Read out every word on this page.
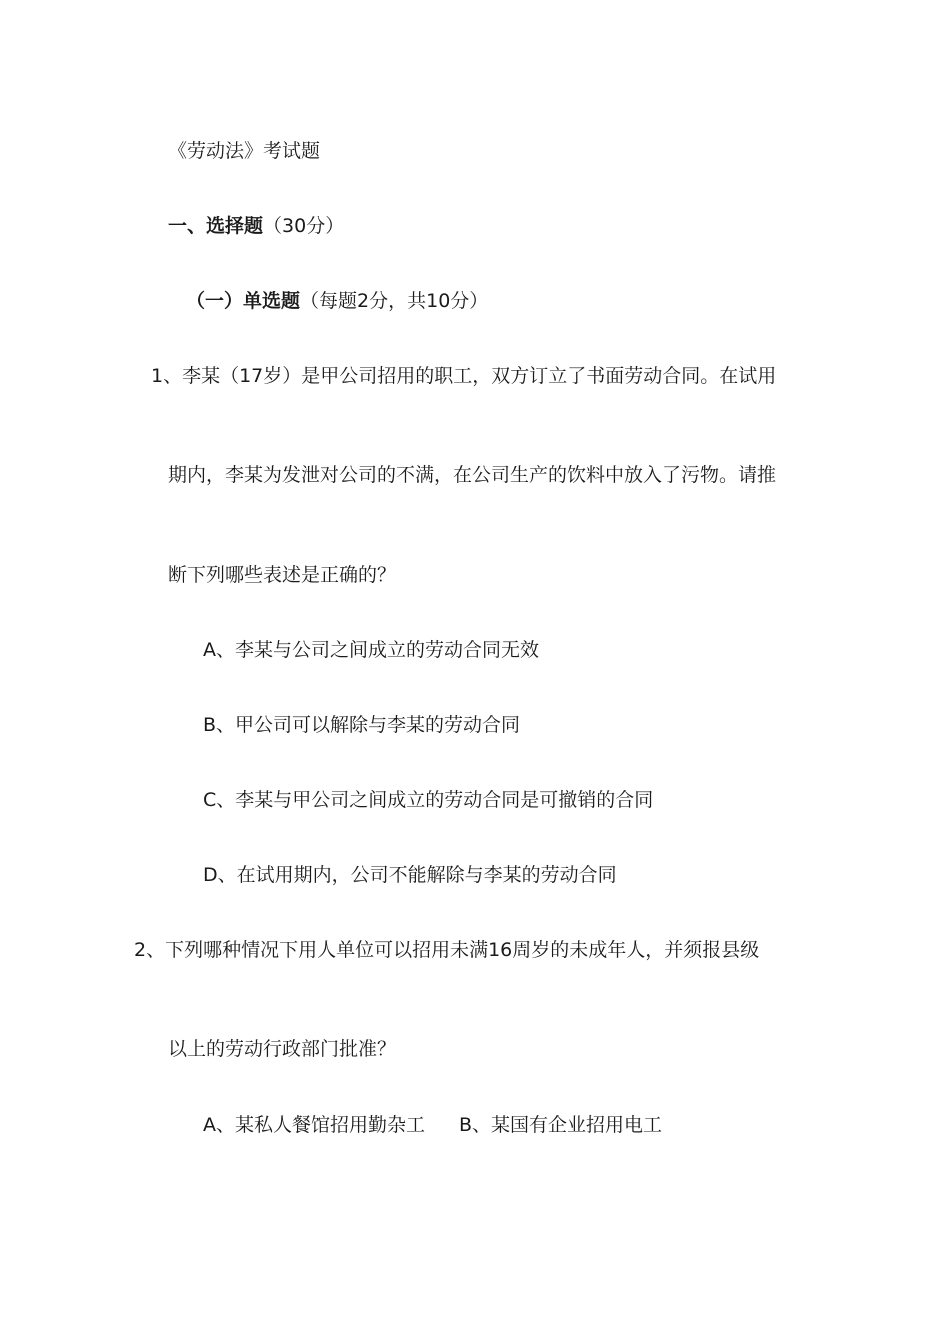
《劳动法》考试题
一、选择题（30分）
（一）单选题（每题2分，共10分）
1、李某（17岁）是甲公司招用的职工，双方订立了书面劳动合同。在试用
期内，李某为发泄对公司的不满，在公司生产的饮料中放入了污物。请推
断下列哪些表述是正确的？
A、李某与公司之间成立的劳动合同无效
B、甲公司可以解除与李某的劳动合同
C、李某与甲公司之间成立的劳动合同是可撤销的合同
D、在试用期内，公司不能解除与李某的劳动合同
2、下列哪种情况下用人单位可以招用未满16周岁的未成年人，并须报县级
以上的劳动行政部门批准？
A、某私人餐馆招用勤杂工 B、某国有企业招用电工
